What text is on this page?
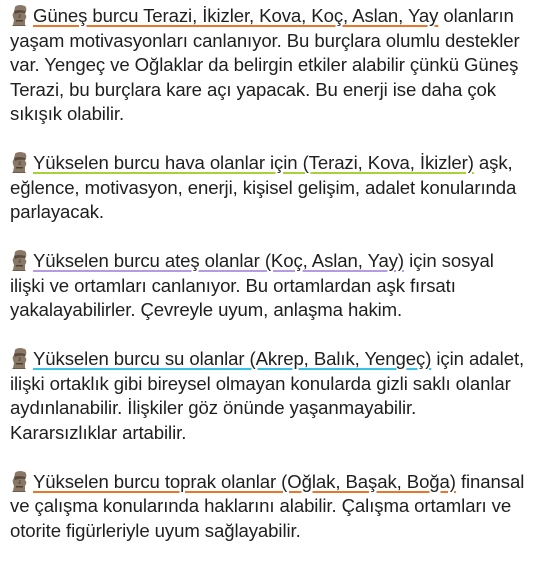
Güneş burcu Terazi, İkizler, Kova, Koç, Aslan, Yay olanların

yaşam motivasyonları canlanıyor. Bu burçlara olumlu destekler

var. Yengeç ve Oğlaklar da belirgin etkiler alabilir çünkü Güneş

Terazi, bu burçlara kare açı yapacak. Bu enerji ise daha çok

sıkışık olabilir.

Yükselen burcu hava olanlar için (Terazi, Kova, İkizler) aşk,

eğlence, motivasyon, enerji, kişisel gelişim, adalet konularında

parlayacak.

Yükselen burcu ateş olanlar (Koç, Aslan, Yay) için sosyal

ilişki ve ortamları canlanıyor. Bu ortamlardan aşk fırsatı

yakalayabilirler. Çevreyle uyum, anlaşma hakim.

Yükselen burcu su olanlar (Akrep, Balık, Yengeç) için adalet,

ilişki ortaklık gibi bireysel olmayan konularda gizli saklı olanlar

aydınlanabilir. İlişkiler göz önünde yaşanmayabilir.

Kararsızlıklar artabilir.

Yükselen burcu toprak olanlar (Oğlak, Başak, Boğa) finansal

ve çalışma konularında haklarını alabilir. Çalışma ortamları ve

otorite figürleriyle uyum sağlayabilir.
